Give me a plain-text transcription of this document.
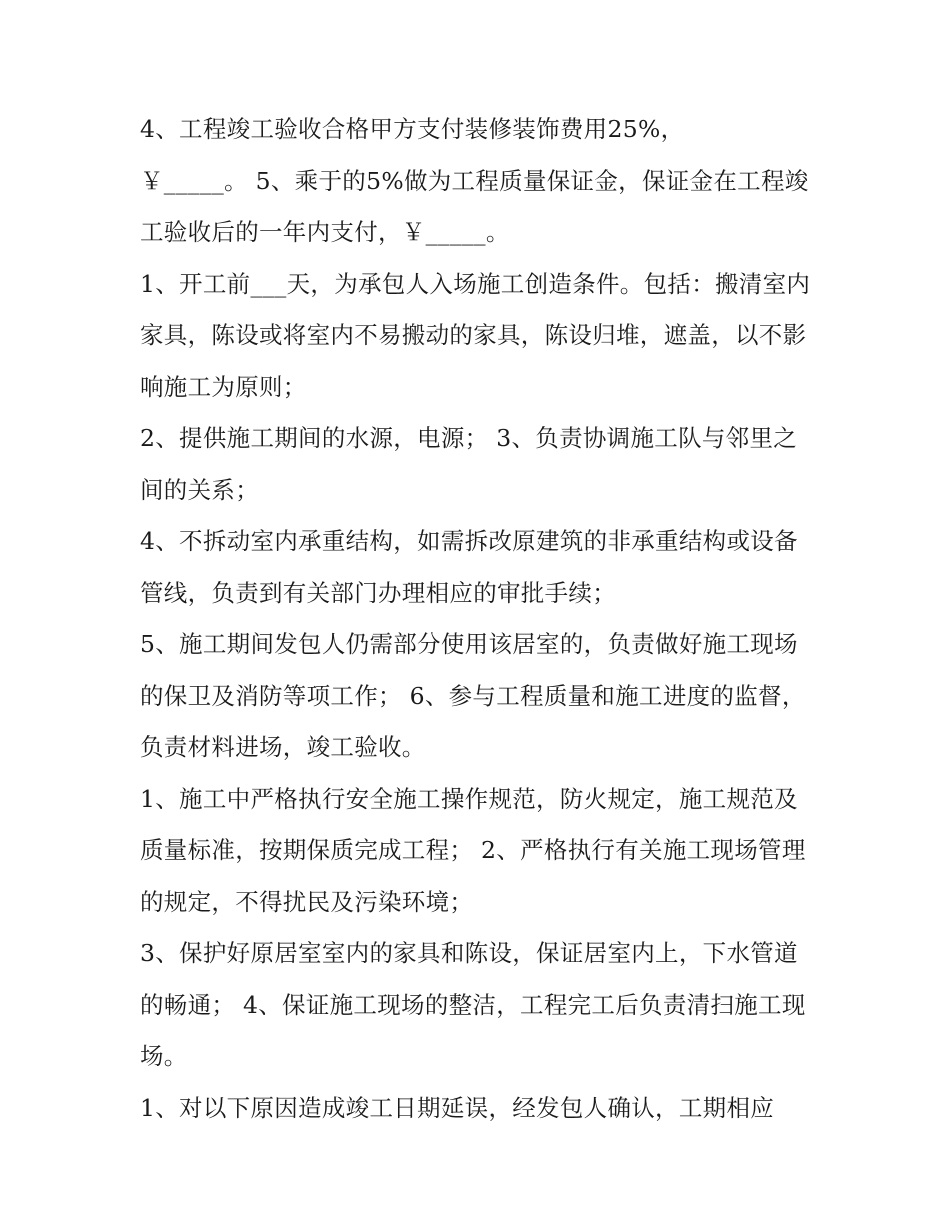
4、工程竣工验收合格甲方支付装修装饰费用25%，

￥_____。 5、乘于的5%做为工程质量保证金，保证金在工程竣工验收后的一年内支付，￥_____。

1、开工前___天，为承包人入场施工创造条件。包括：搬清室内家具，陈设或将室内不易搬动的家具，陈设归堆，遮盖，以不影响施工为原则；

2、提供施工期间的水源，电源； 3、负责协调施工队与邻里之间的关系；

4、不拆动室内承重结构，如需拆改原建筑的非承重结构或设备管线，负责到有关部门办理相应的审批手续；

5、施工期间发包人仍需部分使用该居室的，负责做好施工现场的保卫及消防等项工作； 6、参与工程质量和施工进度的监督，负责材料进场，竣工验收。

1、施工中严格执行安全施工操作规范，防火规定，施工规范及质量标准，按期保质完成工程； 2、严格执行有关施工现场管理的规定，不得扰民及污染环境；

3、保护好原居室室内的家具和陈设，保证居室内上，下水管道的畅通； 4、保证施工现场的整洁，工程完工后负责清扫施工现场。

1、对以下原因造成竣工日期延误，经发包人确认，工期相应
